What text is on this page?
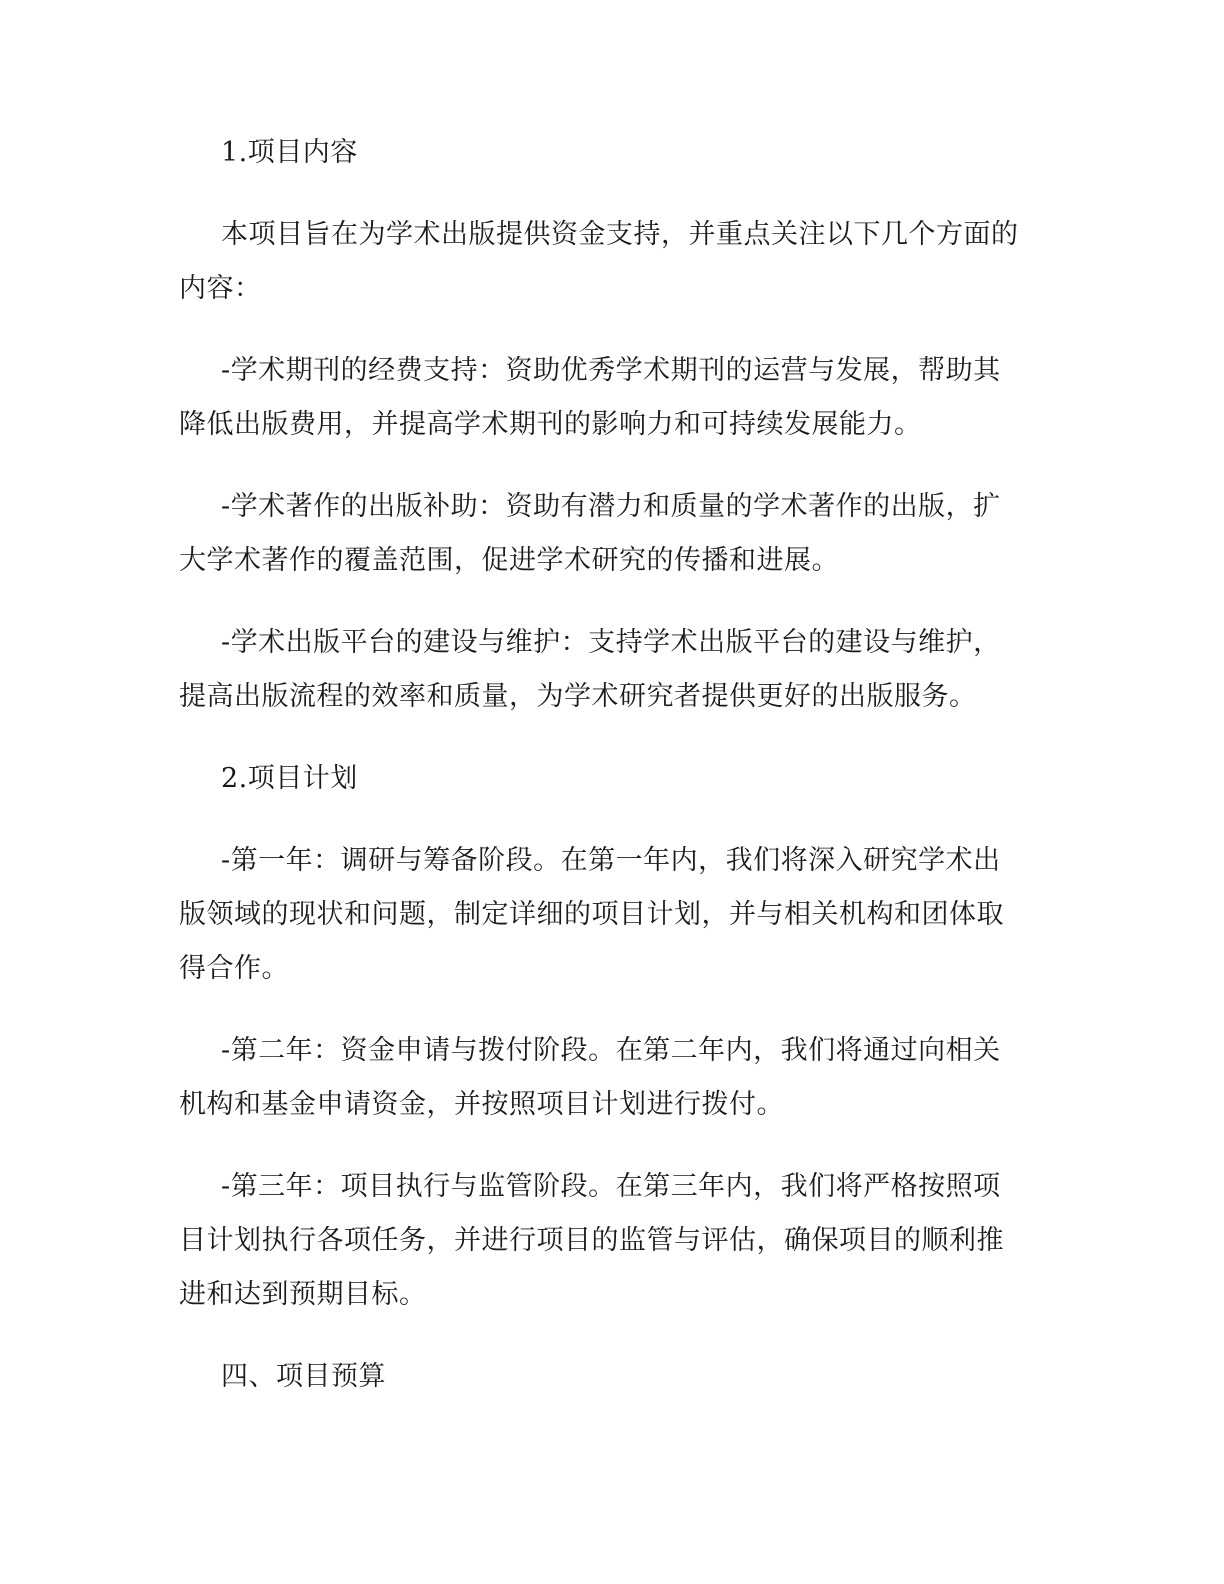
1.项目内容

本项目旨在为学术出版提供资金支持，并重点关注以下几个方面的内容：

-学术期刊的经费支持：资助优秀学术期刊的运营与发展，帮助其降低出版费用，并提高学术期刊的影响力和可持续发展能力。

-学术著作的出版补助：资助有潜力和质量的学术著作的出版，扩大学术著作的覆盖范围，促进学术研究的传播和进展。

-学术出版平台的建设与维护：支持学术出版平台的建设与维护，提高出版流程的效率和质量，为学术研究者提供更好的出版服务。

2.项目计划

-第一年：调研与筹备阶段。在第一年内，我们将深入研究学术出版领域的现状和问题，制定详细的项目计划，并与相关机构和团体取得合作。

-第二年：资金申请与拨付阶段。在第二年内，我们将通过向相关机构和基金申请资金，并按照项目计划进行拨付。

-第三年：项目执行与监管阶段。在第三年内，我们将严格按照项目计划执行各项任务，并进行项目的监管与评估，确保项目的顺利推进和达到预期目标。

四、项目预算
